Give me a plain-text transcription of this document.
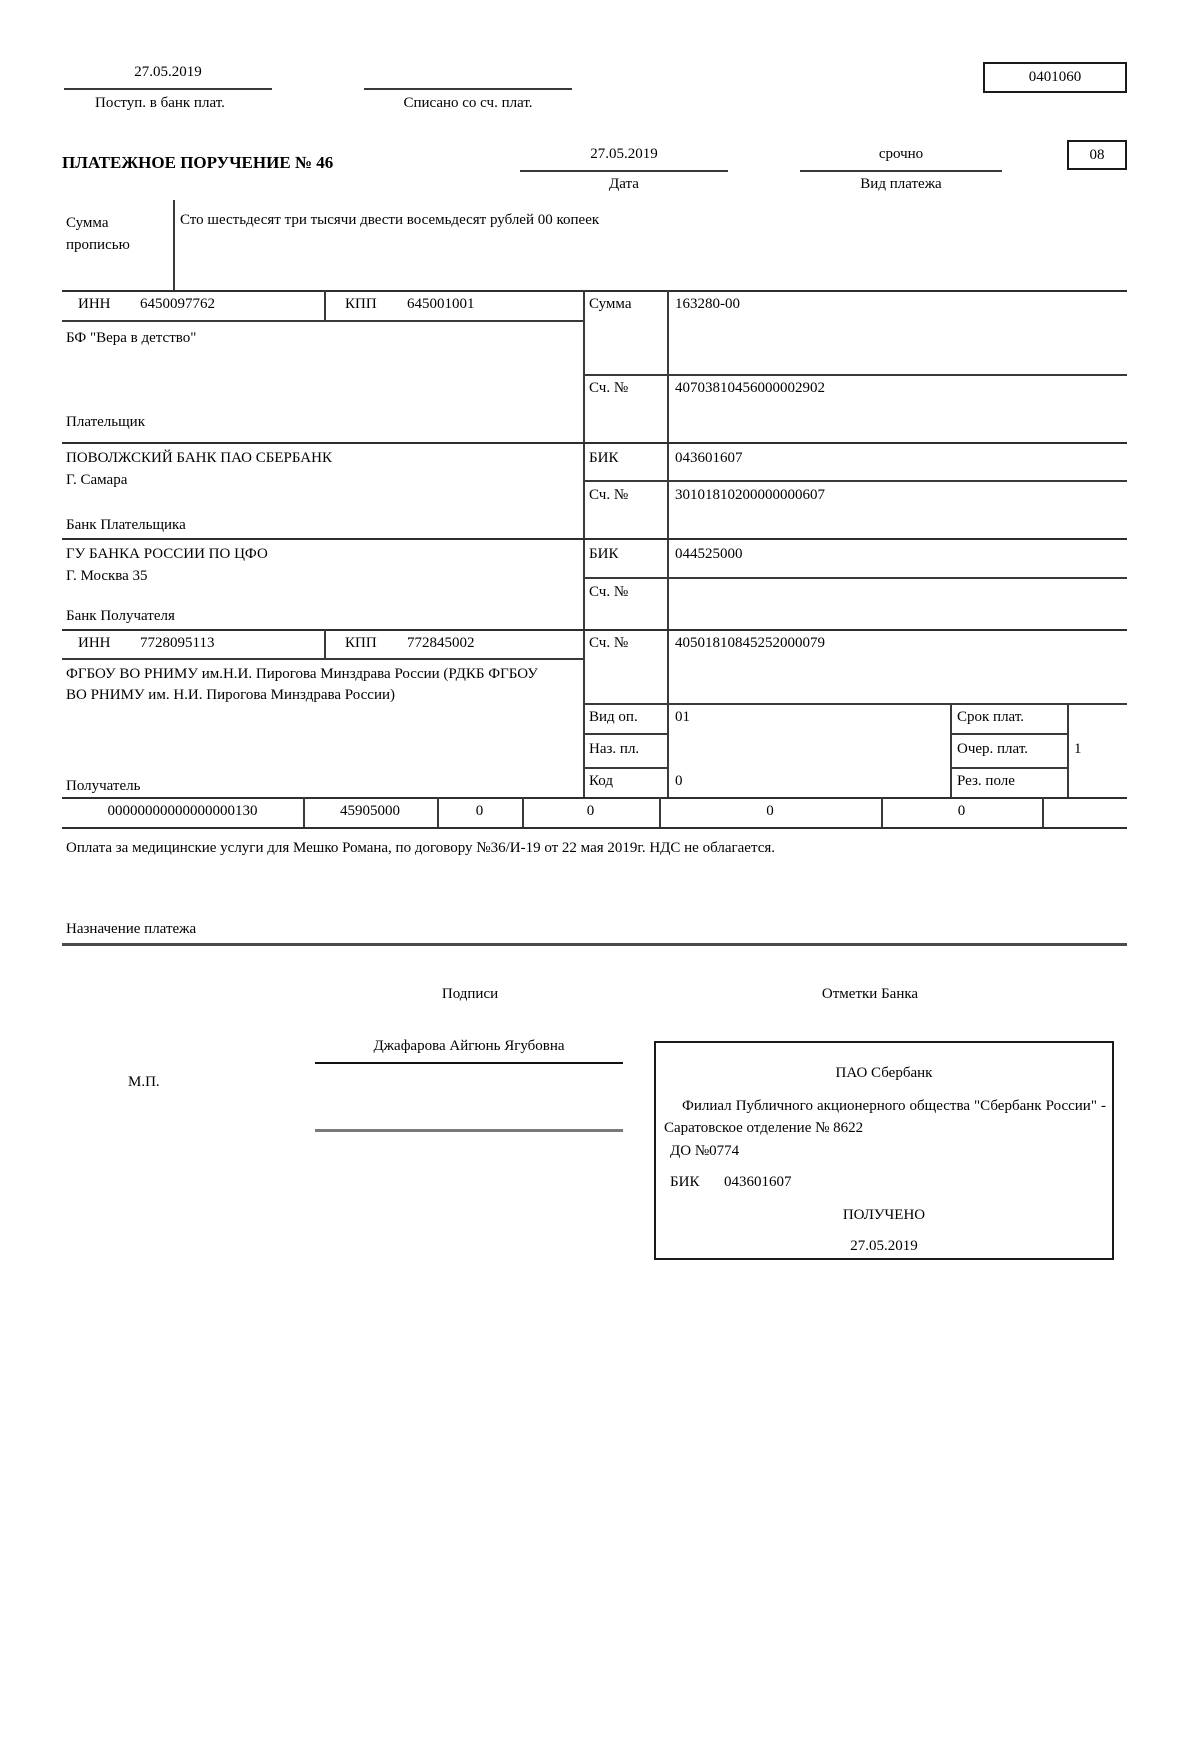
27.05.2019
Поступ. в банк плат.	Списано со сч. плат.
0401060
ПЛАТЕЖНОЕ ПОРУЧЕНИЕ № 46	27.05.2019
Дата
срочно
Вид платежа
08
Сумма прописью
Сто шестьдесят три тысячи двести восемьдесят рублей 00 копеек
ИНН 6450097762	КПП 645001001	Сумма	163280-00
Сч. №	40703810456000002902
БФ "Вера в детство"
Плательщик
ПОВОЛЖСКИЙ БАНК ПАО СБЕРБАНК
Г. Самара
БИК	043601607
Сч. №	30101810200000000607
Банк Плательщика
ГУ БАНКА РОССИИ ПО ЦФО
Г. Москва 35
БИК	044525000
Сч. №
Банк Получателя
ИНН 7728095113	КПП 772845002	Сч. №	40501810845252000079
ФГБОУ ВО РНИМУ им.Н.И. Пирогова Минздрава России (РДКБ ФГБОУ ВО РНИМУ им. Н.И. Пирогова Минздрава России)
Вид оп. 01
Наз. пл.
Код	0
Срок плат.
Очер. плат.	1
Рез. поле
Получатель
00000000000000000130	45905000	0	0	0	0
Оплата за медицинские услуги для Мешко Романа, по договору №36/И-19 от 22 мая 2019г. НДС не облагается.
Назначение платежа
Подписи	Отметки Банка
Джафарова Айгюнь Ягубовна
М.П.
ПАО Сбербанк
Филиал Публичного акционерного общества "Сбербанк России" - Саратовское отделение № 8622
ДО №0774
БИК 043601607
ПОЛУЧЕНО
27.05.2019
